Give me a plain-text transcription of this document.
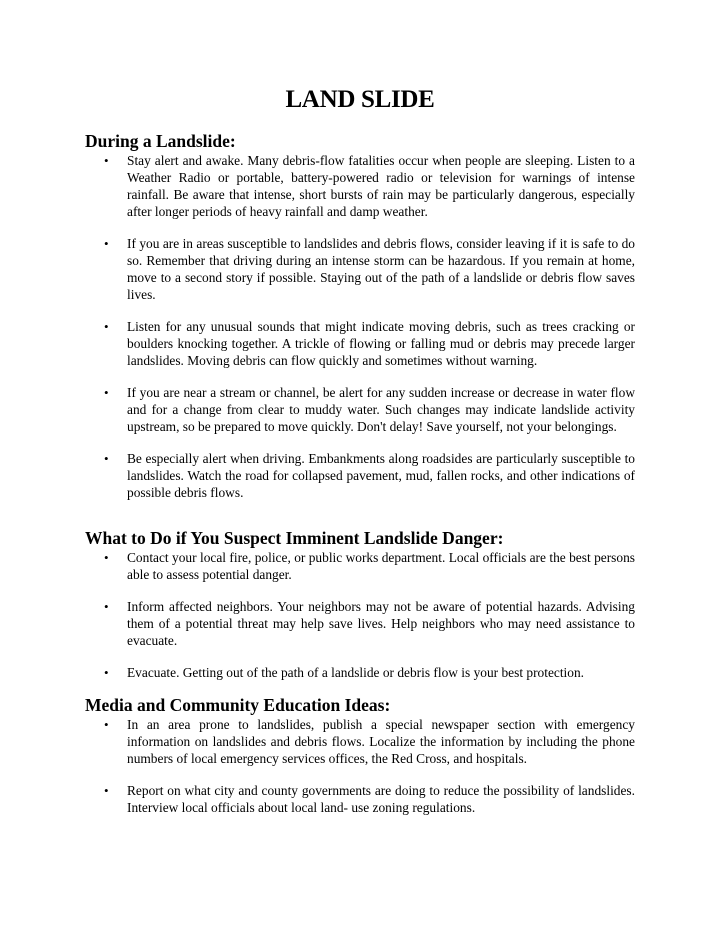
LAND SLIDE
During a Landslide:
• Stay alert and awake. Many debris-flow fatalities occur when people are sleeping. Listen to a Weather Radio or portable, battery-powered radio or television for warnings of intense rainfall. Be aware that intense, short bursts of rain may be particularly dangerous, especially after longer periods of heavy rainfall and damp weather.
• If you are in areas susceptible to landslides and debris flows, consider leaving if it is safe to do so. Remember that driving during an intense storm can be hazardous. If you remain at home, move to a second story if possible. Staying out of the path of a landslide or debris flow saves lives.
• Listen for any unusual sounds that might indicate moving debris, such as trees cracking or boulders knocking together. A trickle of flowing or falling mud or debris may precede larger landslides. Moving debris can flow quickly and sometimes without warning.
• If you are near a stream or channel, be alert for any sudden increase or decrease in water flow and for a change from clear to muddy water. Such changes may indicate landslide activity upstream, so be prepared to move quickly. Don't delay! Save yourself, not your belongings.
• Be especially alert when driving. Embankments along roadsides are particularly susceptible to landslides. Watch the road for collapsed pavement, mud, fallen rocks, and other indications of possible debris flows.
What to Do if You Suspect Imminent Landslide Danger:
• Contact your local fire, police, or public works department. Local officials are the best persons able to assess potential danger.
• Inform affected neighbors. Your neighbors may not be aware of potential hazards. Advising them of a potential threat may help save lives. Help neighbors who may need assistance to evacuate.
• Evacuate. Getting out of the path of a landslide or debris flow is your best protection.
Media and Community Education Ideas:
• In an area prone to landslides, publish a special newspaper section with emergency information on landslides and debris flows. Localize the information by including the phone numbers of local emergency services offices, the Red Cross, and hospitals.
• Report on what city and county governments are doing to reduce the possibility of landslides. Interview local officials about local land- use zoning regulations.
